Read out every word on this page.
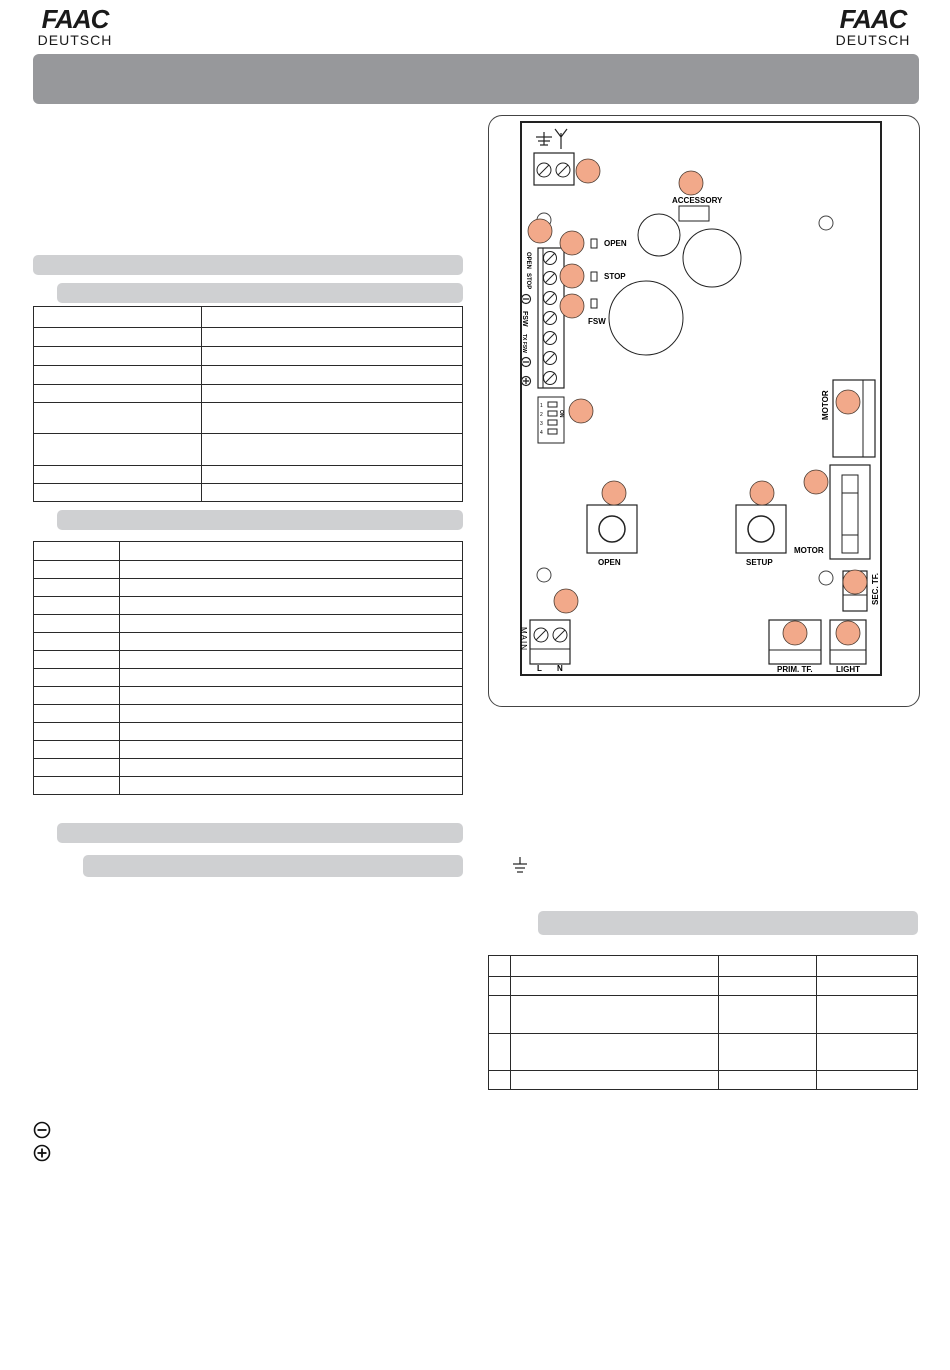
FAAC
DEUTSCH
FAAC
DEUTSCH

ACCESSORY
OPEN
STOP
FSW
OPEN
STOP
FSW
TX FSW
ON
1
2
3
4
MOTOR
OPEN	SETUP
MOTOR
SEC. TF.
MAIN
L N	PRIM. TF.	LIGHT
